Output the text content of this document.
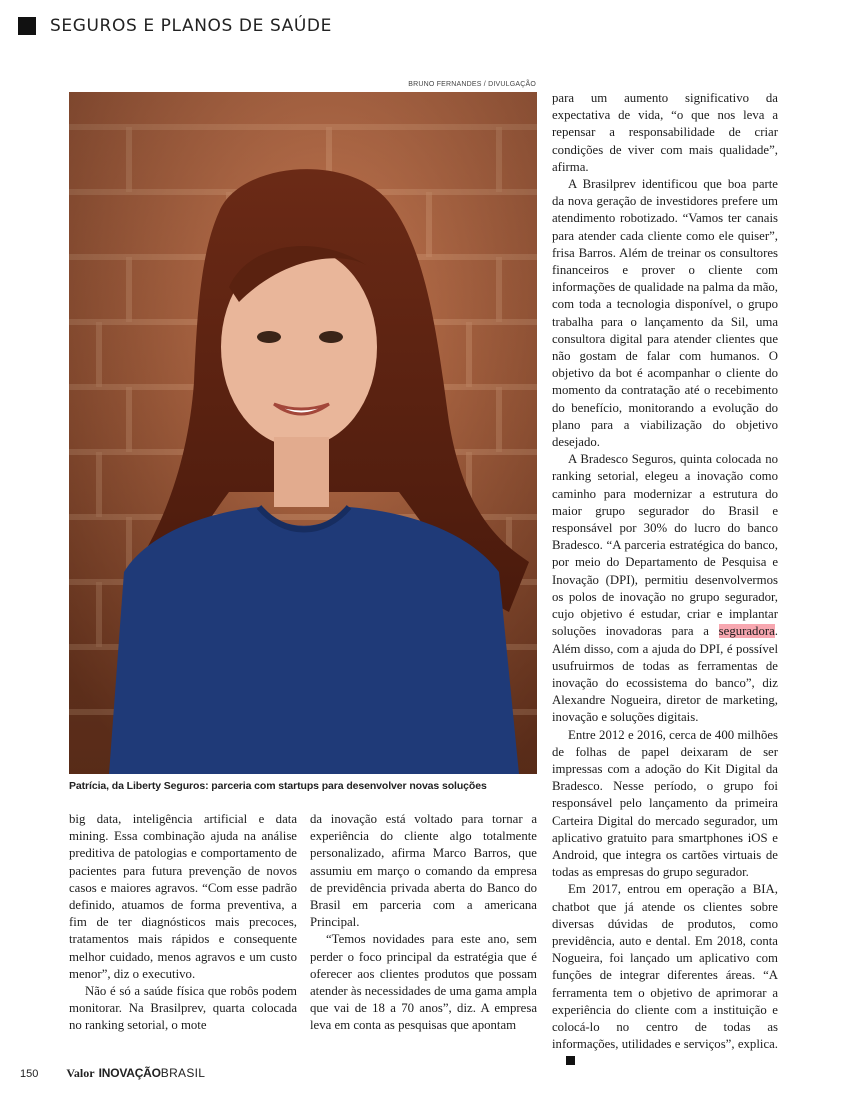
SEGUROS E PLANOS DE SAÚDE
BRUNO FERNANDES / DIVULGAÇÃO
Patrícia, da Liberty Seguros: parceria com startups para desenvolver novas soluções

big data, inteligência artificial e data mining. Essa combinação ajuda na análise preditiva de patologias e comportamento de pacientes para futura prevenção de novos casos e maiores agravos. “Com esse padrão definido, atuamos de forma preventiva, a fim de ter diagnósticos mais precoces, tratamentos mais rápidos e consequente melhor cuidado, menos agravos e um custo menor”, diz o executivo.

Não é só a saúde física que robôs podem monitorar. Na Brasilprev, quarta colocada no ranking setorial, o mote

da inovação está voltado para tornar a experiência do cliente algo totalmente personalizado, afirma Marco Barros, que assumiu em março o comando da empresa de previdência privada aberta do Banco do Brasil em parceria com a americana Principal.

“Temos novidades para este ano, sem perder o foco principal da estratégia que é oferecer aos clientes produtos que possam atender às necessidades de uma gama ampla que vai de 18 a 70 anos”, diz. A empresa leva em conta as pesquisas que apontam

para um aumento significativo da expectativa de vida, “o que nos leva a repensar a responsabilidade de criar condições de viver com mais qualidade”, afirma.

A Brasilprev identificou que boa parte da nova geração de investidores prefere um atendimento robotizado. “Vamos ter canais para atender cada cliente como ele quiser”, frisa Barros. Além de treinar os consultores financeiros e prover o cliente com informações de qualidade na palma da mão, com toda a tecnologia disponível, o grupo trabalha para o lançamento da Sil, uma consultora digital para atender clientes que não gostam de falar com humanos. O objetivo da bot é acompanhar o cliente do momento da contratação até o recebimento do benefício, monitorando a evolução do plano para a viabilização do objetivo desejado.

A Bradesco Seguros, quinta colocada no ranking setorial, elegeu a inovação como caminho para modernizar a estrutura do maior grupo segurador do Brasil e responsável por 30% do lucro do banco Bradesco. “A parceria estratégica do banco, por meio do Departamento de Pesquisa e Inovação (DPI), permitiu desenvolvermos os polos de inovação no grupo segurador, cujo objetivo é estudar, criar e implantar soluções inovadoras para a seguradora. Além disso, com a ajuda do DPI, é possível usufruirmos de todas as ferramentas de inovação do ecossistema do banco”, diz Alexandre Nogueira, diretor de marketing, inovação e soluções digitais.

Entre 2012 e 2016, cerca de 400 milhões de folhas de papel deixaram de ser impressas com a adoção do Kit Digital da Bradesco. Nesse período, o grupo foi responsável pelo lançamento da primeira Carteira Digital do mercado segurador, um aplicativo gratuito para smartphones iOS e Android, que integra os cartões virtuais de todas as empresas do grupo segurador.

Em 2017, entrou em operação a BIA, chatbot que já atende os clientes sobre diversas dúvidas de produtos, como previdência, auto e dental. Em 2018, conta Nogueira, foi lançado um aplicativo com funções de integrar diferentes áreas. “A ferramenta tem o objetivo de aprimorar a experiência do cliente com a instituição e colocá-lo no centro de todas as informações, utilidades e serviços”, explica.

150 Valor INOVAÇÃO BRASIL
